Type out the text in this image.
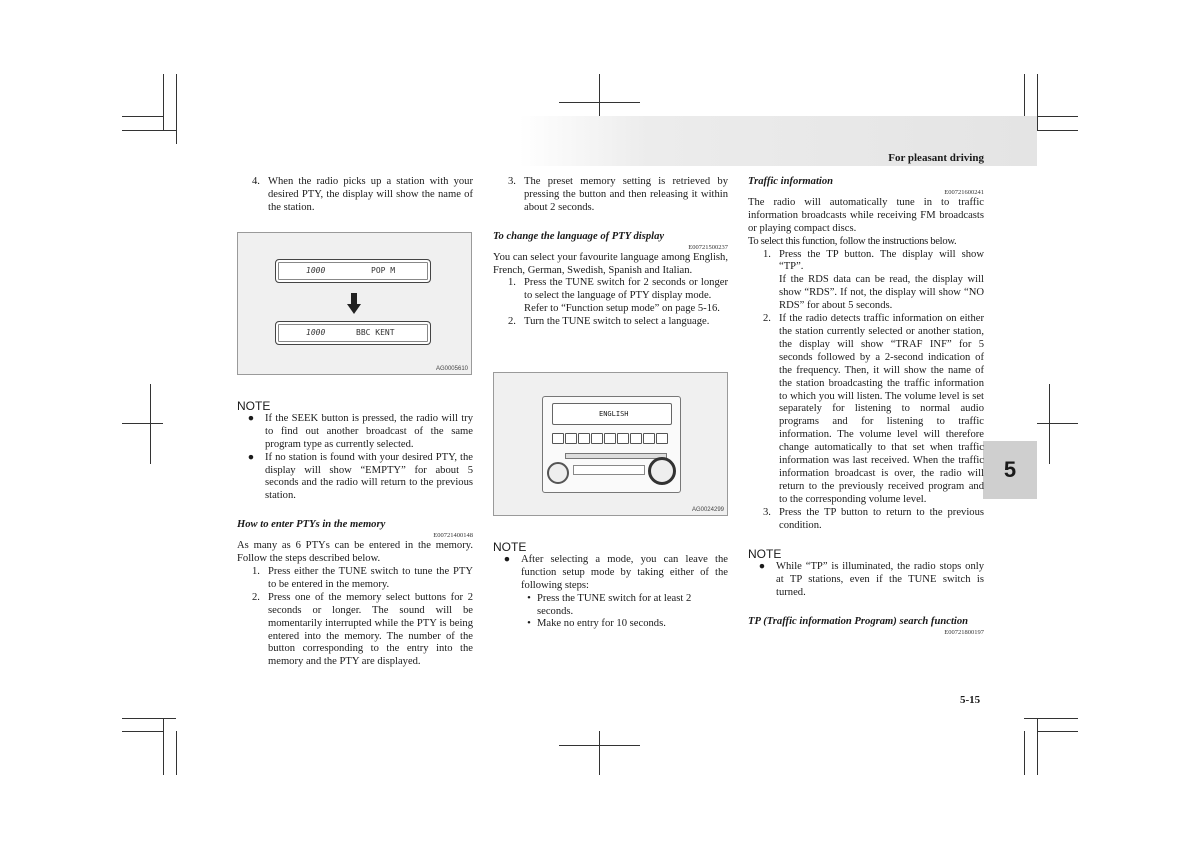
For pleasant driving
5
4. When the radio picks up a station with your desired PTY, the display will show the name of the station.
1000	POP M
1000	BBC KENT
AG0005610
NOTE
●	If the SEEK button is pressed, the radio will try to find out another broadcast of the same program type as currently selected.
●	If no station is found with your desired PTY, the display will show “EMPTY” for about 5 seconds and the radio will return to the previous station.

How to enter PTYs in the memory

E00721400148

As many as 6 PTYs can be entered in the memory. Follow the steps described below.

1. Press either the TUNE switch to tune the PTY to be entered in the memory.
2. Press one of the memory select buttons for 2 seconds or longer. The sound will be momentarily interrupted while the PTY is being entered into the memory. The number of the button corresponding to the entry into the memory and the PTY are displayed.
3. The preset memory setting is retrieved by pressing the button and then releasing it within about 2 seconds.

To change the language of PTY display

E00721500237

You can select your favourite language among English, French, German, Swedish, Spanish and Italian.

1. Press the TUNE switch for 2 seconds or longer to select the language of PTY display mode.
Refer to “Function setup mode” on page 5-16.
2. Turn the TUNE switch to select a language.
ENGLISH
AG0024299
NOTE
●	After selecting a mode, you can leave the function setup mode by taking either of the following steps:
• Press the TUNE switch for at least 2 seconds.
• Make no entry for 10 seconds.

Traffic information

E00721600241

The radio will automatically tune in to traffic information broadcasts while receiving FM broadcasts or playing compact discs.

To select this function, follow the instructions below.

1. Press the TP button. The display will show “TP”.
If the RDS data can be read, the display will show “RDS”. If not, the display will show “NO RDS” for about 5 seconds.
2. If the radio detects traffic information on either the station currently selected or another station, the display will show “TRAF INF” for 5 seconds followed by a 2-second indication of the frequency. Then, it will show the name of the station broadcasting the traffic information to which you will listen. The volume level is set separately for listening to normal audio programs and for listening to traffic information. The volume level will therefore change automatically to that set when traffic information was last received. When the traffic information broadcast is over, the radio will return to the previously received program and to the corresponding volume level.
3. Press the TP button to return to the previous condition.
NOTE
●	While “TP” is illuminated, the radio stops only at TP stations, even if the TUNE switch is turned.

TP (Traffic information Program) search function

E00721800197

5-15
